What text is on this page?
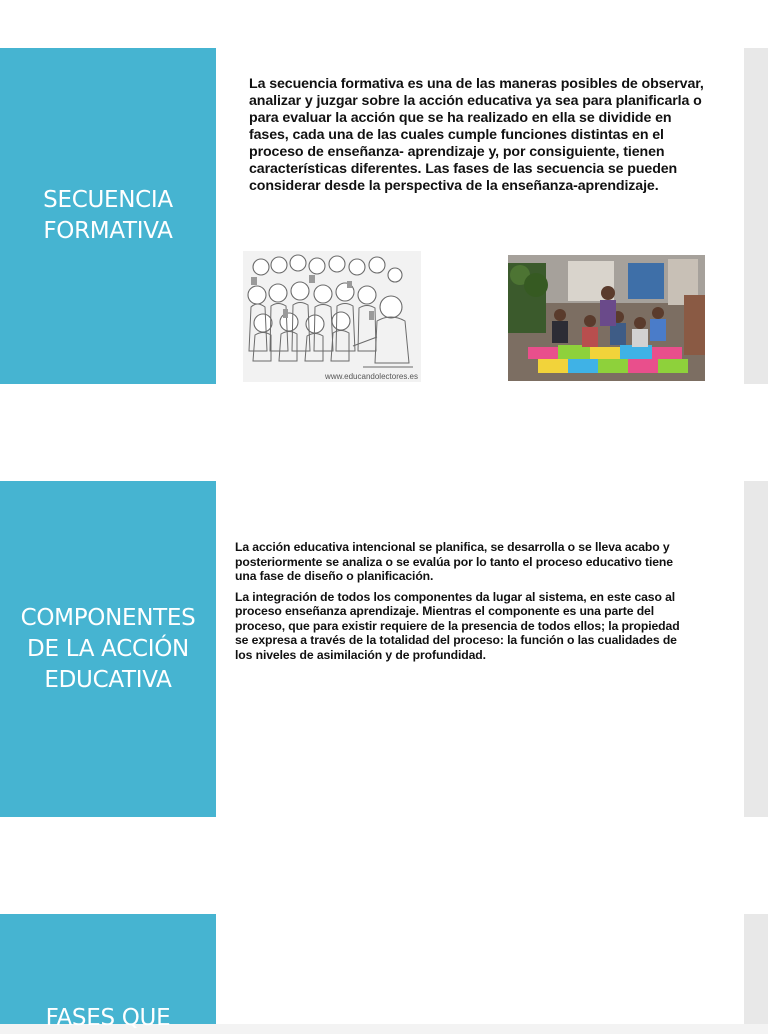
SECUENCIA
FORMATIVA
La secuencia formativa es una de las maneras posibles de observar, analizar y juzgar sobre la acción educativa ya sea para planificarla o para evaluar la acción que se ha realizado en ella se dividide en fases, cada una de las cuales cumple funciones distintas en el proceso de enseñanza- aprendizaje y, por consiguiente, tienen características diferentes. Las fases de las secuencia se pueden considerar desde la perspectiva de la enseñanza-aprendizaje.
www.educandolectores.es
COMPONENTES
DE LA ACCIÓN
EDUCATIVA

La acción educativa intencional se planifica, se desarrolla o se lleva acabo y posteriormente se analiza o se evalúa por lo tanto el proceso educativo tiene una fase de diseño o planificación.

La integración de todos los componentes da lugar al sistema, en este caso al proceso enseñanza aprendizaje. Mientras el componente es una parte del proceso, que para existir requiere de la presencia de todos ellos; la propiedad se expresa a través de la totalidad del proceso: la función o las cualidades de los niveles de asimilación y de profundidad.

FASES QUE
